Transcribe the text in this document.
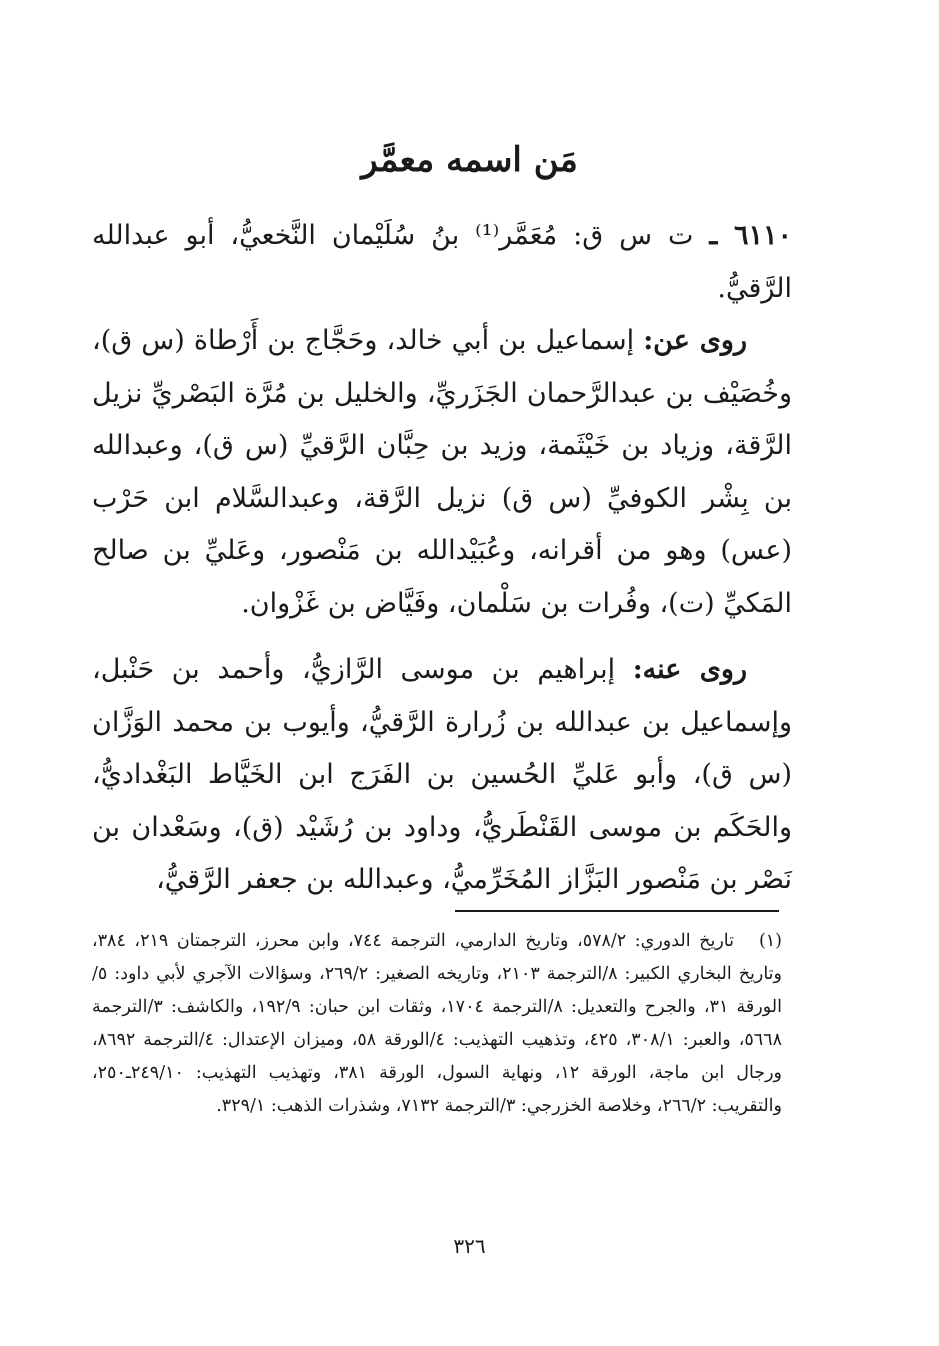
مَن اسمه معمَّر

٦١١٠ ـ ت س ق: مُعَمَّر⁽¹⁾ بنُ سُلَيْمان النَّخعيُّ، أبو عبدالله الرَّقيُّ.

روى عن: إسماعيل بن أبي خالد، وحَجَّاج بن أَرْطاة (س ق)، وخُصَيْف بن عبدالرَّحمان الجَزَريِّ، والخليل بن مُرَّة البَصْريِّ نزيل الرَّقة، وزياد بن خَيْثَمة، وزيد بن حِبَّان الرَّقيِّ (س ق)، وعبدالله بن بِشْر الكوفيِّ (س ق) نزيل الرَّقة، وعبدالسَّلام ابن حَرْب (عس) وهو من أقرانه، وعُبَيْدالله بن مَنْصور، وعَليِّ بن صالح المَكيِّ (ت)، وفُرات بن سَلْمان، وفَيَّاض بن غَزْوان.

روى عنه: إبراهيم بن موسى الرَّازيُّ، وأحمد بن حَنْبل، وإسماعيل بن عبدالله بن زُرارة الرَّقيُّ، وأيوب بن محمد الوَزَّان (س ق)، وأبو عَليِّ الحُسين بن الفَرَج ابن الخَيَّاط البَغْداديُّ، والحَكَم بن موسى القَنْطَريُّ، وداود بن رُشَيْد (ق)، وسَعْدان بن نَصْر بن مَنْصور البَزَّاز المُخَرِّميُّ، وعبدالله بن جعفر الرَّقيُّ،

(١)تاريخ الدوري: ٥٧٨/٢، وتاريخ الدارمي، الترجمة ٧٤٤، وابن محرز، الترجمتان ٢١٩، ٣٨٤، وتاريخ البخاري الكبير: ٨/الترجمة ٢١٠٣، وتاريخه الصغير: ٢٦٩/٢، وسؤالات الآجري لأبي داود: ٥/الورقة ٣١، والجرح والتعديل: ٨/الترجمة ١٧٠٤، وثقات ابن حبان: ١٩٢/٩، والكاشف: ٣/الترجمة ٥٦٦٨، والعبر: ٣٠٨/١، ٤٢٥، وتذهيب التهذيب: ٤/الورقة ٥٨، وميزان الإعتدال: ٤/الترجمة ٨٦٩٢، ورجال ابن ماجة، الورقة ١٢، ونهاية السول، الورقة ٣٨١، وتهذيب التهذيب: ٢٤٩/١٠ـ٢٥٠، والتقريب: ٢٦٦/٢، وخلاصة الخزرجي: ٣/الترجمة ٧١٣٢، وشذرات الذهب: ٣٢٩/١.

٣٢٦
